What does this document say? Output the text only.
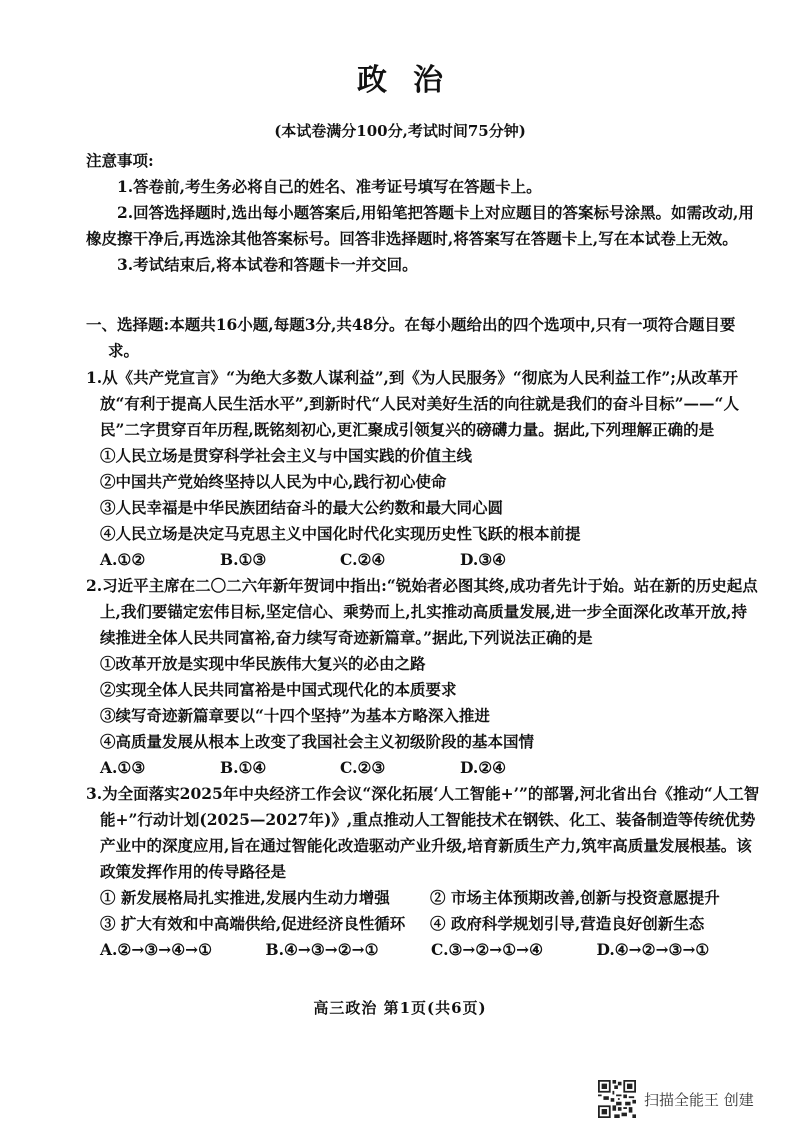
政治
(本试卷满分100分,考试时间75分钟)
注意事项:
1.答卷前,考生务必将自己的姓名、准考证号填写在答题卡上。
2.回答选择题时,选出每小题答案后,用铅笔把答题卡上对应题目的答案标号涂黑。如需改动,用橡皮擦干净后,再选涂其他答案标号。回答非选择题时,将答案写在答题卡上,写在本试卷上无效。
3.考试结束后,将本试卷和答题卡一并交回。
一、选择题:本题共16小题,每题3分,共48分。在每小题给出的四个选项中,只有一项符合题目要求。
1.从《共产党宣言》“为绝大多数人谋利益”,到《为人民服务》“彻底为人民利益工作”;从改革开放“有利于提高人民生活水平”,到新时代“人民对美好生活的向往就是我们的奋斗目标”——“人民”二字贯穿百年历程,既铭刻初心,更汇聚成引领复兴的磅礴力量。据此,下列理解正确的是
①人民立场是贯穿科学社会主义与中国实践的价值主线
②中国共产党始终坚持以人民为中心,践行初心使命
③人民幸福是中华民族团结奋斗的最大公约数和最大同心圆
④人民立场是决定马克思主义中国化时代化实现历史性飞跃的根本前提
A.①②	B.①③	C.②④	D.③④
2.习近平主席在二〇二六年新年贺词中指出:“锐始者必图其终,成功者先计于始。站在新的历史起点上,我们要锚定宏伟目标,坚定信心、乘势而上,扎实推动高质量发展,进一步全面深化改革开放,持续推进全体人民共同富裕,奋力续写奇迹新篇章。”据此,下列说法正确的是
①改革开放是实现中华民族伟大复兴的必由之路
②实现全体人民共同富裕是中国式现代化的本质要求
③续写奇迹新篇章要以“十四个坚持”为基本方略深入推进
④高质量发展从根本上改变了我国社会主义初级阶段的基本国情
A.①③	B.①④	C.②③	D.②④
3.为全面落实2025年中央经济工作会议“深化拓展‘人工智能+’”的部署,河北省出台《推动“人工智能+”行动计划(2025—2027年)》,重点推动人工智能技术在钢铁、化工、装备制造等传统优势产业中的深度应用,旨在通过智能化改造驱动产业升级,培育新质生产力,筑牢高质量发展根基。该政策发挥作用的传导路径是
① 新发展格局扎实推进,发展内生动力增强	② 市场主体预期改善,创新与投资意愿提升
③ 扩大有效和中高端供给,促进经济良性循环	④ 政府科学规划引导,营造良好创新生态
A.②→③→④→①	B.④→③→②→①	C.③→②→①→④	D.④→②→③→①
高三政治 第1页(共6页)
扫描全能王 创建
